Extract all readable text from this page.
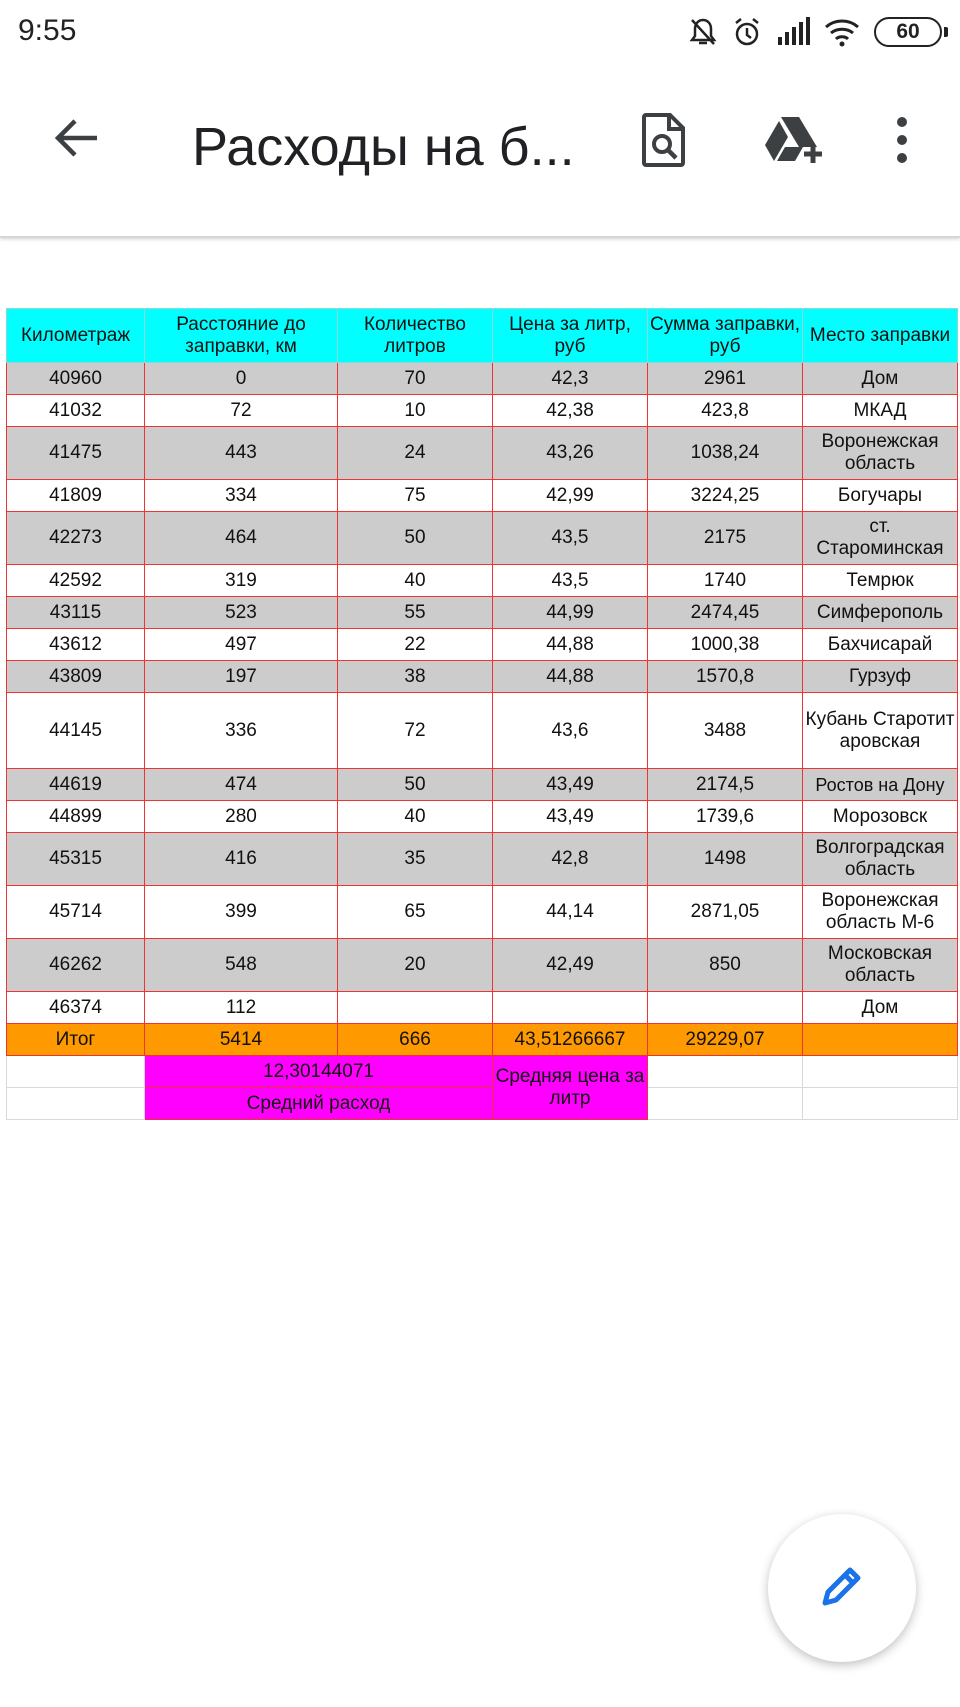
9:55	60
Расходы на б...
Километраж	Расстояние до заправки, км	Количество литров	Цена за литр, руб	Сумма заправки, руб	Место заправки
40960	0	70	42,3	2961	Дом
41032	72	10	42,38	423,8	МКАД
41475	443	24	43,26	1038,24	Воронежская область
41809	334	75	42,99	3224,25	Богучары
42273	464	50	43,5	2175	ст. Староминская
42592	319	40	43,5	1740	Темрюк
43115	523	55	44,99	2474,45	Симферополь
43612	497	22	44,88	1000,38	Бахчисарай
43809	197	38	44,88	1570,8	Гурзуф
44145	336	72	43,6	3488	Кубань Старотитаровская
44619	474	50	43,49	2174,5	Ростов на Дону
44899	280	40	43,49	1739,6	Морозовск
45315	416	35	42,8	1498	Волгоградская область
45714	399	65	44,14	2871,05	Воронежская область М-6
46262	548	20	42,49	850	Московская область
46374	112				Дом
Итог	5414	666	43,51266667	29229,07	
	12,30144071		Средняя цена за литр		
	Средний расход				
